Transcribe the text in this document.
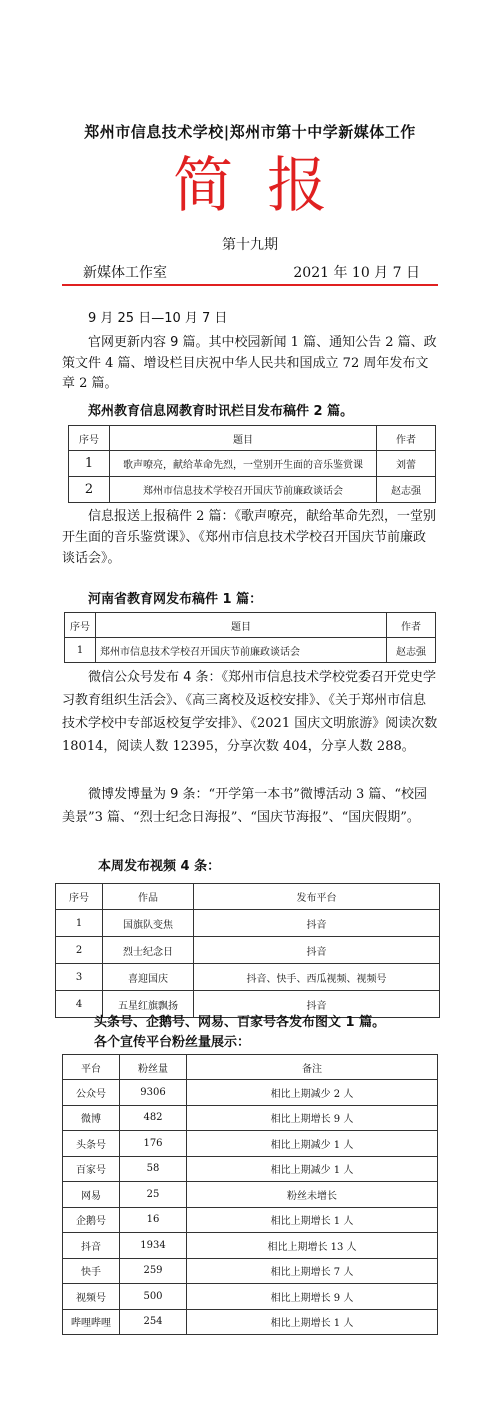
郑州市信息技术学校|郑州市第十中学新媒体工作
简报
第十九期
新媒体工作室	2021 年 10 月 7 日
9 月 25 日—10 月 7 日
官网更新内容 9 篇。其中校园新闻 1 篇、通知公告 2 篇、政策文件 4 篇、增设栏目庆祝中华人民共和国成立 72 周年发布文章 2 篇。
郑州教育信息网教育时讯栏目发布稿件 2 篇。
序号	题目	作者
1	歌声嘹亮，献给革命先烈，一堂别开生面的音乐鉴赏课	刘蕾
2	郑州市信息技术学校召开国庆节前廉政谈话会	赵志强
信息报送上报稿件 2 篇：《歌声嘹亮，献给革命先烈，一堂别开生面的音乐鉴赏课》、《郑州市信息技术学校召开国庆节前廉政谈话会》。
河南省教育网发布稿件 1 篇：
序号	题目	作者
1	郑州市信息技术学校召开国庆节前廉政谈话会	赵志强
微信公众号发布 4 条：《郑州市信息技术学校党委召开党史学习教育组织生活会》、《高三离校及返校安排》、《关于郑州市信息技术学校中专部返校复学安排》、《2021 国庆文明旅游》阅读次数 18014，阅读人数 12395，分享次数 404，分享人数 288。
微博发博量为 9 条：“开学第一本书”微博活动 3 篇、“校园美景”3 篇、“烈士纪念日海报”、“国庆节海报”、“国庆假期”。
本周发布视频 4 条：
序号	作品	发布平台
1	国旗队变焦	抖音
2	烈士纪念日	抖音
3	喜迎国庆	抖音、快手、西瓜视频、视频号
4	五星红旗飘扬	抖音
头条号、企鹅号、网易、百家号各发布图文 1 篇。
各个宣传平台粉丝量展示：
平台	粉丝量	备注
公众号	9306	相比上期减少 2 人
微博	482	相比上期增长 9 人
头条号	176	相比上期减少 1 人
百家号	58	相比上期减少 1 人
网易	25	粉丝未增长
企鹅号	16	相比上期增长 1 人
抖音	1934	相比上期增长 13 人
快手	259	相比上期增长 7 人
视频号	500	相比上期增长 9 人
哔哩哔哩	254	相比上期增长 1 人
